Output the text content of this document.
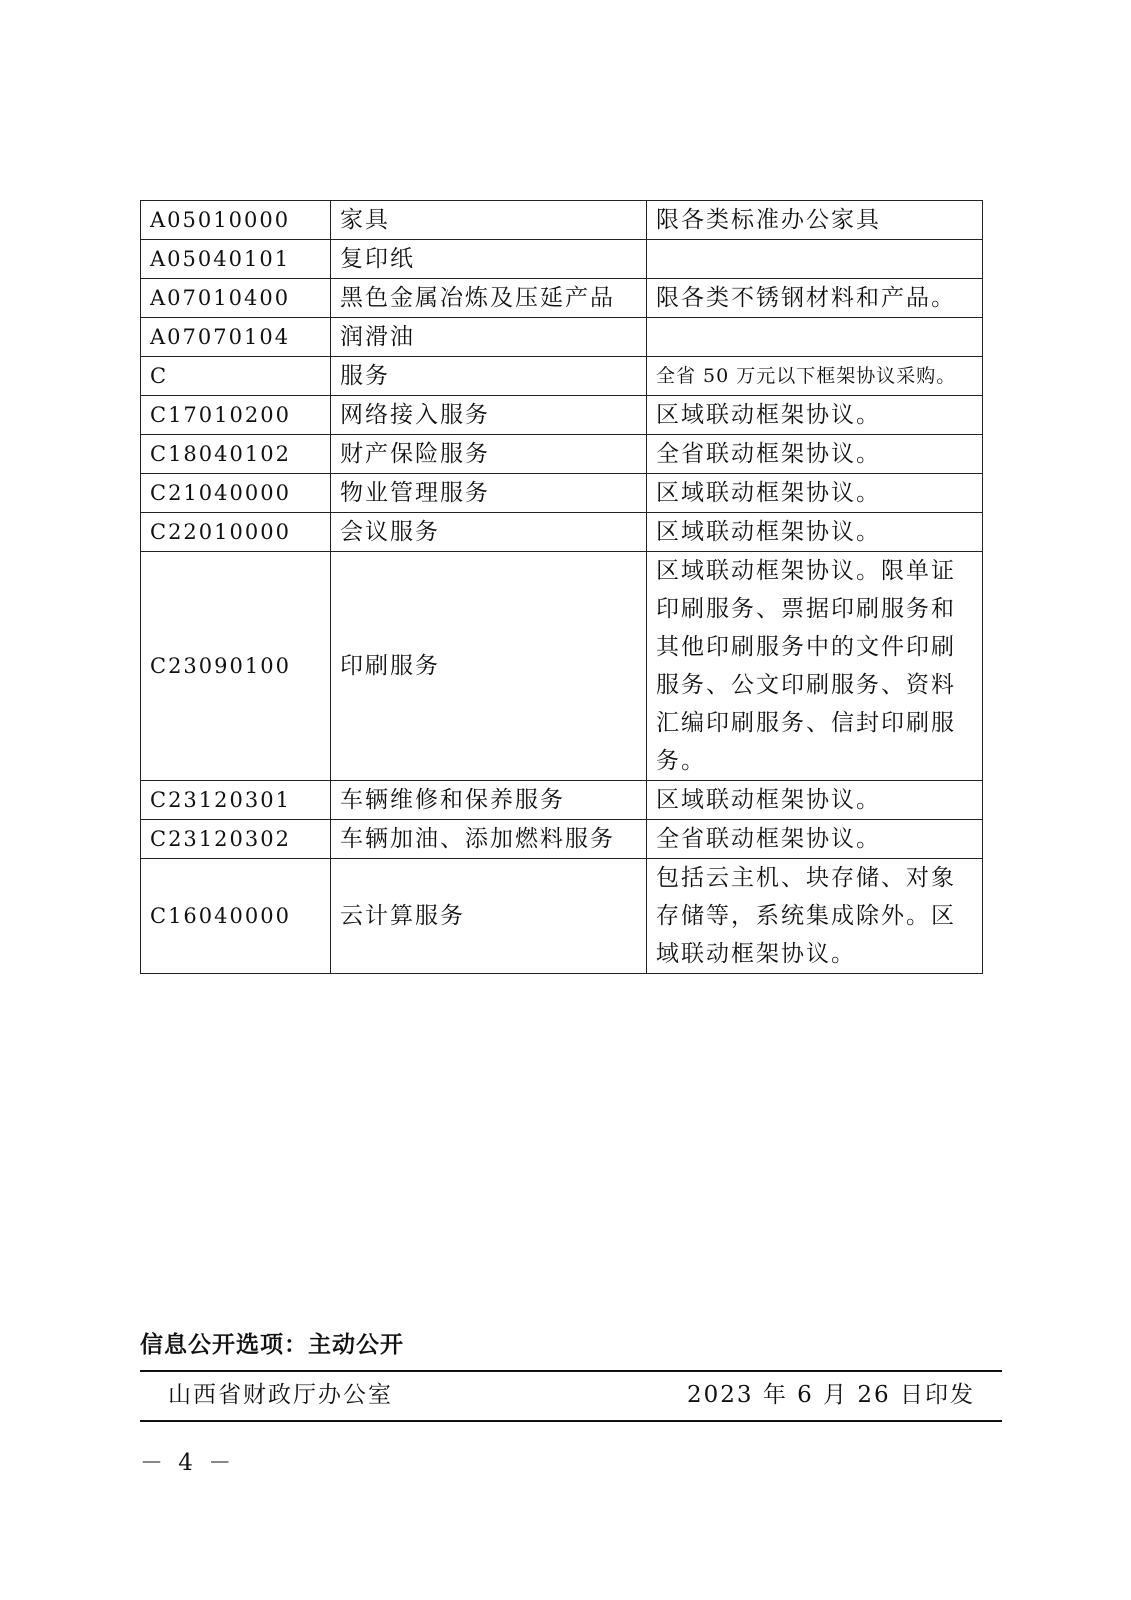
A05010000	家具	限各类标准办公家具
A05040101	复印纸	
A07010400	黑色金属冶炼及压延产品	限各类不锈钢材料和产品。
A07070104	润滑油	
C	服务	全省 50 万元以下框架协议采购。
C17010200	网络接入服务	区域联动框架协议。
C18040102	财产保险服务	全省联动框架协议。
C21040000	物业管理服务	区域联动框架协议。
C22010000	会议服务	区域联动框架协议。
C23090100	印刷服务	区域联动框架协议。限单证印刷服务、票据印刷服务和其他印刷服务中的文件印刷服务、公文印刷服务、资料汇编印刷服务、信封印刷服务。
C23120301	车辆维修和保养服务	区域联动框架协议。
C23120302	车辆加油、添加燃料服务	全省联动框架协议。
C16040000	云计算服务	包括云主机、块存储、对象存储等，系统集成除外。区域联动框架协议。
信息公开选项：主动公开
山西省财政厅办公室	2023 年 6 月 26 日印发
－ 4 －
